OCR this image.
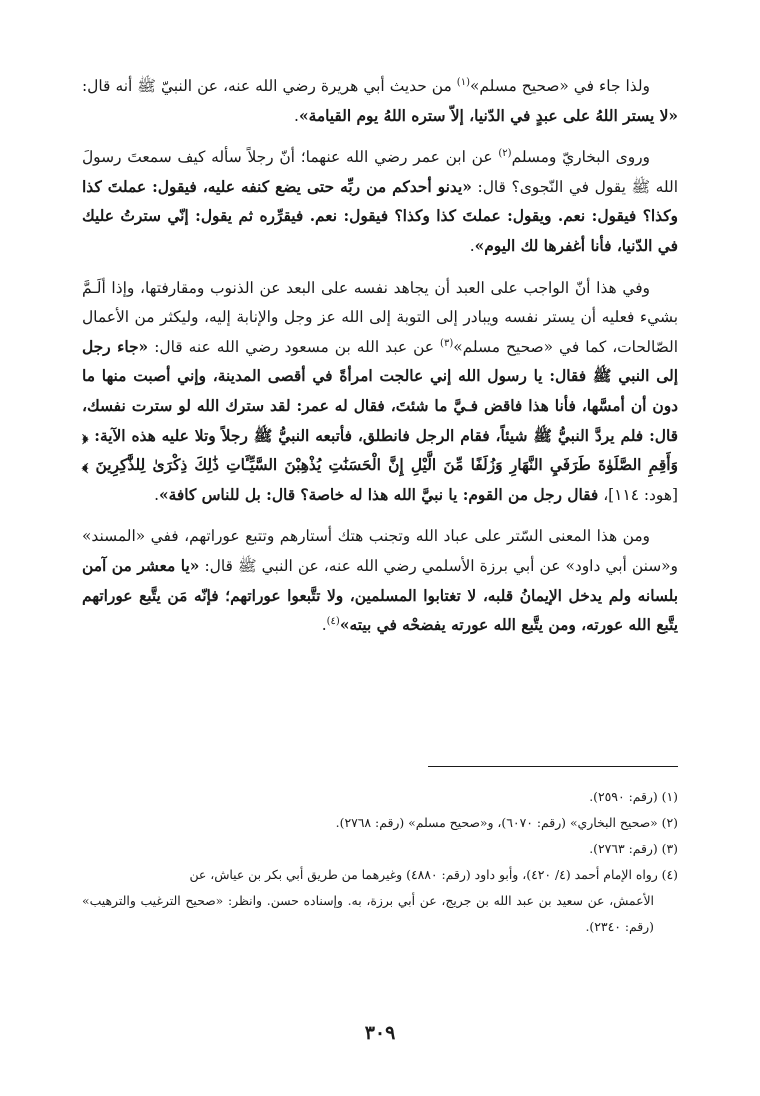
ولذا جاء في «صحيح مسلم»$^{(١)}$ من حديث أبي هريرة رضي الله عنه، عن النبيّ ﷺ أنه قال: «لا يستر اللهُ على عبدٍ في الدّنيا، إلاّ ستره اللهُ يوم القيامة».

وروى البخاريّ ومسلم$^{(٢)}$ عن ابن عمر رضي الله عنهما؛ أنّ رجلاً سأله كيف سمعتَ رسولَ الله ﷺ يقول في النّجوى؟ قال: «يدنو أحدكم من ربِّه حتى يضع كنفه عليه، فيقول: عملتَ كذا وكذا؟ فيقول: نعم. ويقول: عملتَ كذا وكذا؟ فيقول: نعم. فيقرِّره ثم يقول: إنّي سترتُ عليك في الدّنيا، فأنا أغفرها لك اليوم».

وفي هذا أنّ الواجب على العبد أن يجاهد نفسه على البعد عن الذنوب ومقارفتها، وإذا ألَـمَّ بشيء فعليه أن يستر نفسه ويبادر إلى التوبة إلى الله عز وجل والإنابة إليه، وليكثر من الأعمال الصّالحات، كما في «صحيح مسلم»$^{(٣)}$ عن عبد الله بن مسعود رضي الله عنه قال: «جاء رجل إلى النبي ﷺ فقال: يا رسول الله إني عالجت امرأةً في أقصى المدينة، وإني أصبت منها ما دون أن أمسَّها، فأنا هذا فاقض فـيَّ ما شئتَ، فقال له عمر: لقد سترك الله لو سترت نفسك، قال: فلم يردَّ النبيُّ ﷺ شيئاً، فقام الرجل فانطلق، فأتبعه النبيُّ ﷺ رجلاً وتلا عليه هذه الآية: ﴿ وَأَقِمِ الصَّلَوٰةَ طَرَفَيِ النَّهَارِ وَزُلَفًا مِّنَ الَّيْلِ إِنَّ الْحَسَنَٰتِ يُذْهِبْنَ السَّيِّـَٔاتِ ذَٰلِكَ ذِكْرَىٰ لِلذَّٰكِرِينَ ﴾ [هود: ١١٤]، فقال رجل من القوم: يا نبيَّ الله هذا له خاصة؟ قال: بل للناس كافة».

ومن هذا المعنى السّتر على عباد الله وتجنب هتك أستارهم وتتبع عوراتهم، ففي «المسند» و«سنن أبي داود» عن أبي برزة الأسلمي رضي الله عنه، عن النبي ﷺ قال: «يا معشر من آمن بلسانه ولم يدخل الإيمانُ قلبه، لا تغتابوا المسلمين، ولا تتَّبعوا عوراتهم؛ فإنّه مَن يتَّبع عوراتهم يتَّبع الله عورته، ومن يتَّبع الله عورته يفضحْه في بيته»$^{(٤)}$.

(١) (رقم: ٢٥٩٠).
(٢) «صحيح البخاري» (رقم: ٦٠٧٠)، و«صحيح مسلم» (رقم: ٢٧٦٨).
(٣) (رقم: ٢٧٦٣).
(٤) رواه الإمام أحمد (٤/ ٤٢٠)، وأبو داود (رقم: ٤٨٨٠) وغيرهما من طريق أبي بكر بن عياش، عن
الأعمش، عن سعيد بن عبد الله بن جريج، عن أبي برزة، به. وإسناده حسن. وانظر: «صحيح الترغيب والترهيب» (رقم: ٢٣٤٠).
٣٠٩
